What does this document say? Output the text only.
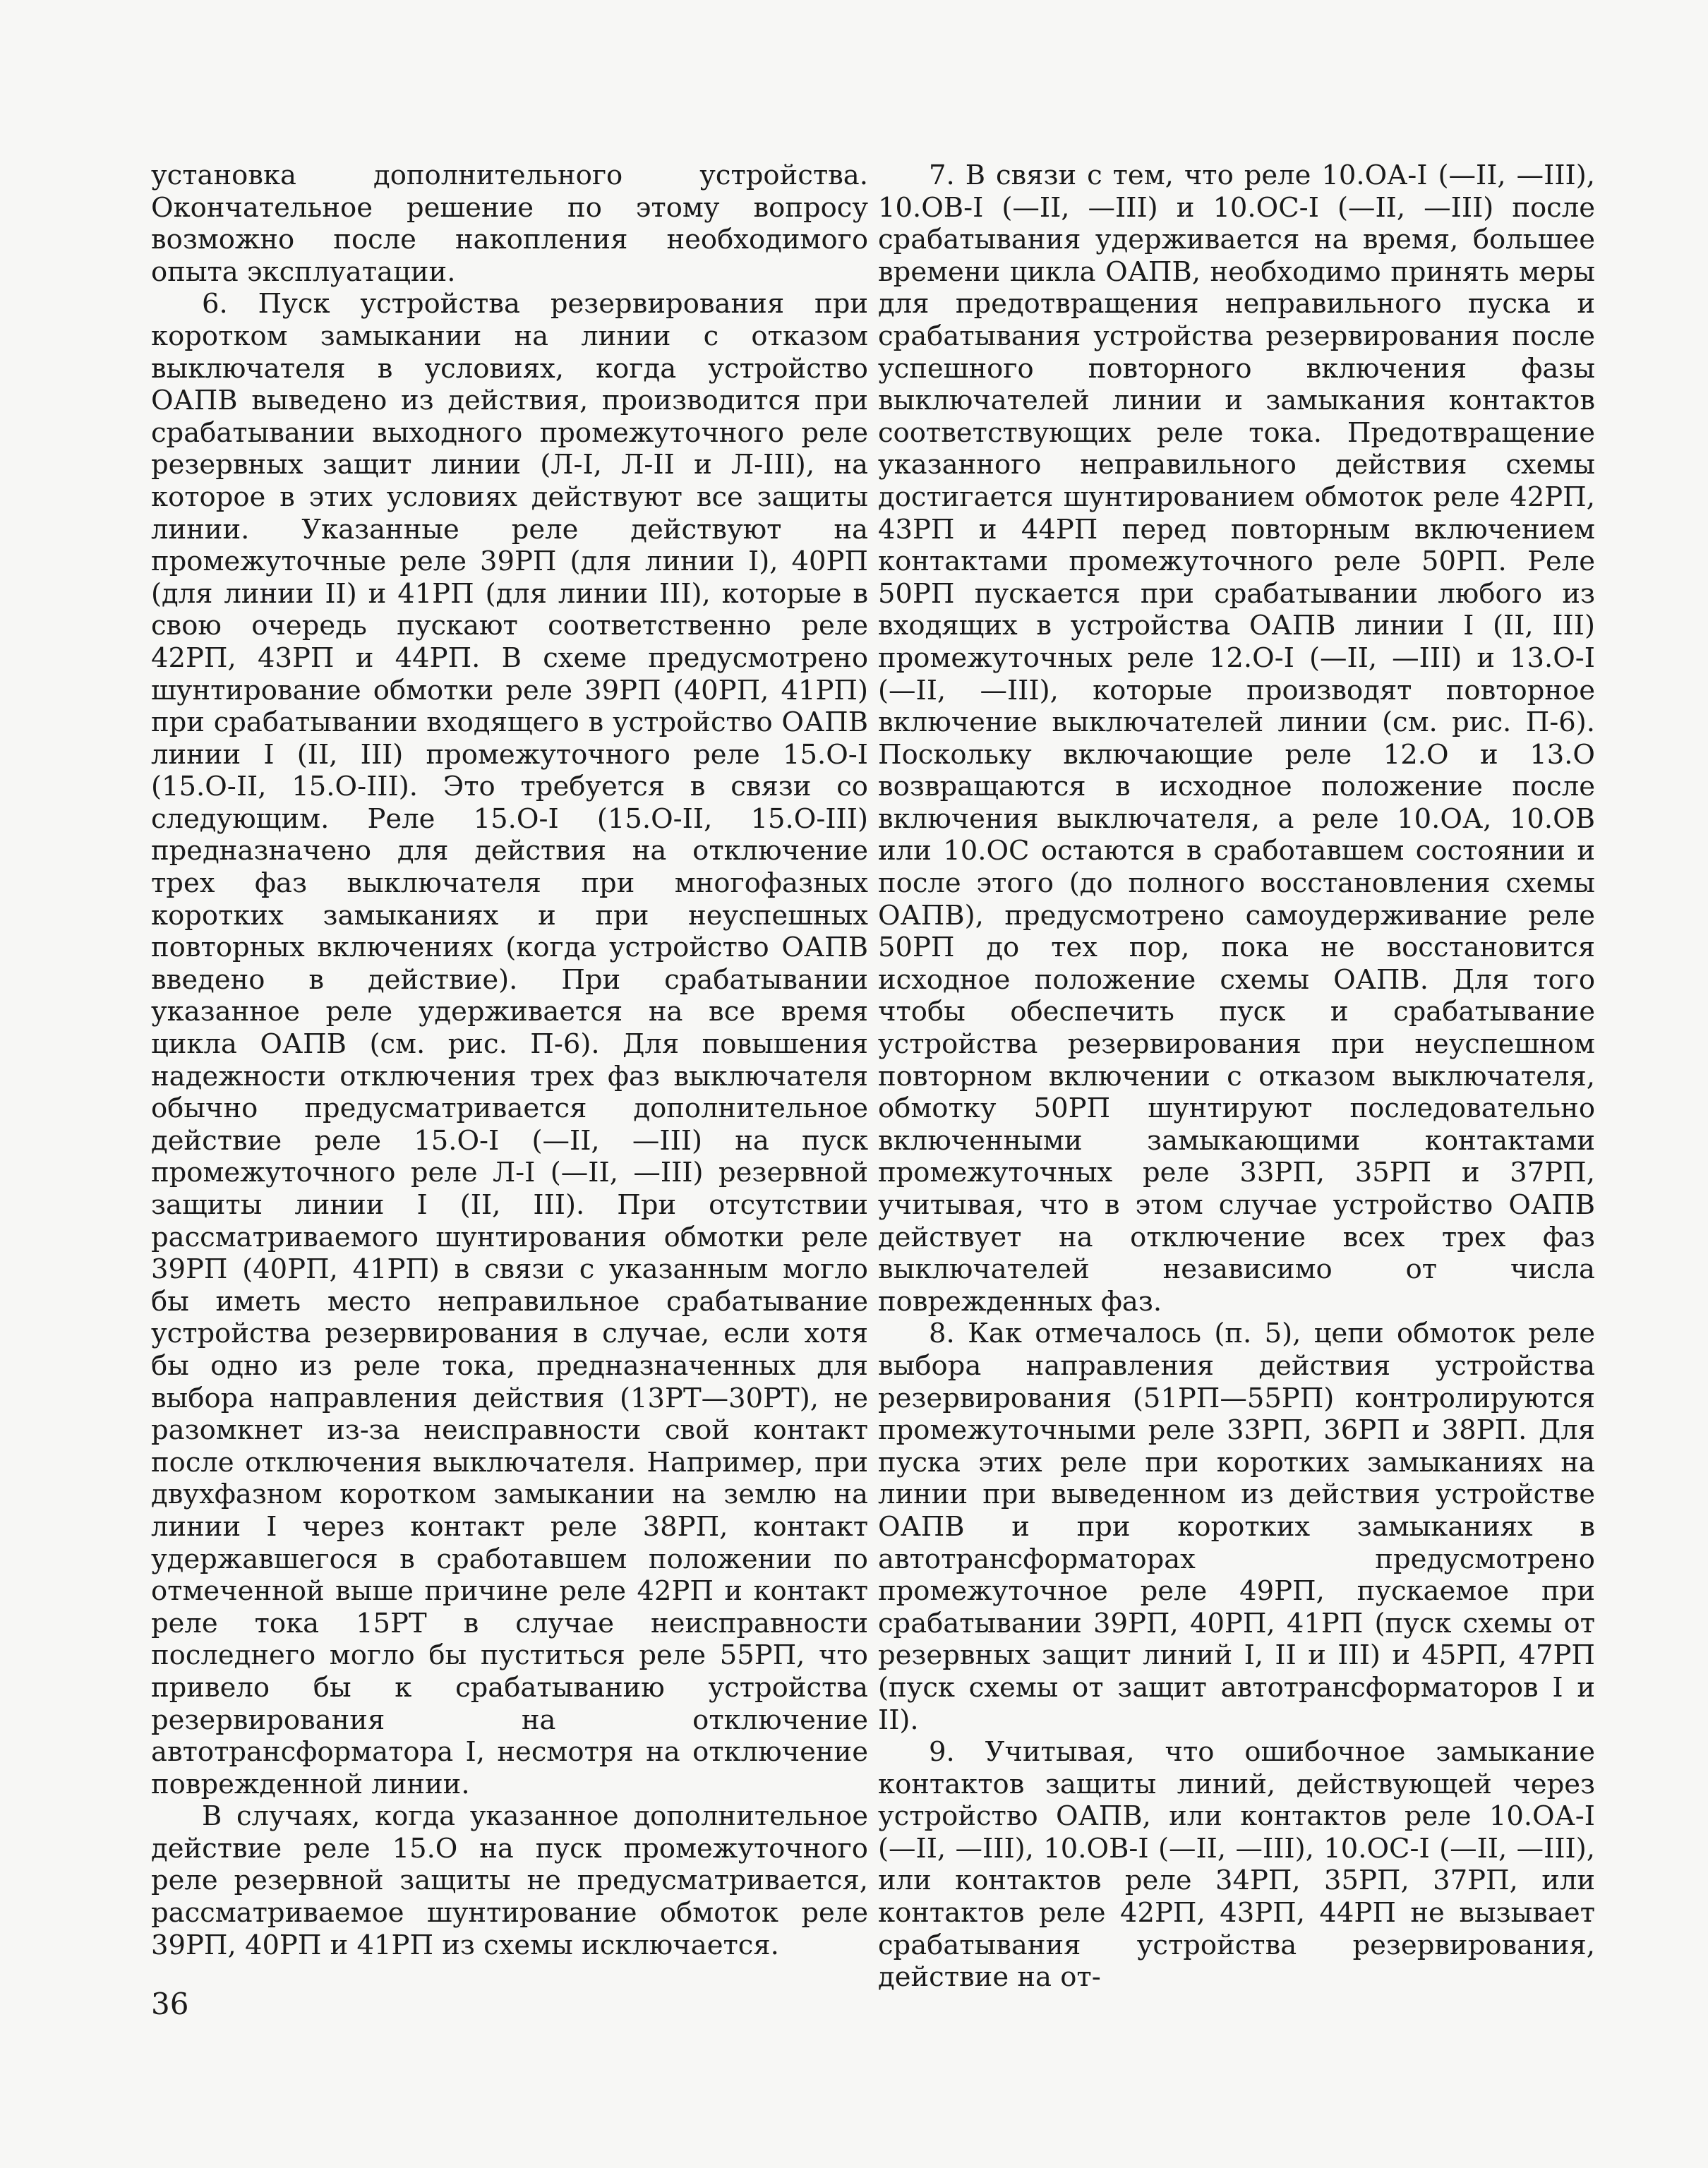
установка дополнительного устройства. Окончательное решение по этому вопросу возможно после накопления необходимого опыта эксплуатации.

6. Пуск устройства резервирования при коротком замыкании на линии с отказом выключателя в условиях, когда устройство ОАПВ выведено из действия, производится при срабатывании выходного промежуточного реле резервных защит линии (Л-I, Л-II и Л-III), на которое в этих условиях действуют все защиты линии. Указанные реле действуют на промежуточные реле 39РП (для линии I), 40РП (для линии II) и 41РП (для линии III), которые в свою очередь пускают соответственно реле 42РП, 43РП и 44РП. В схеме предусмотрено шунтирование обмотки реле 39РП (40РП, 41РП) при срабатывании входящего в устройство ОАПВ линии I (II, III) промежуточного реле 15.О-I (15.О-II, 15.О-III). Это требуется в связи со следующим. Реле 15.О-I (15.О-II, 15.О-III) предназначено для действия на отключение трех фаз выключателя при многофазных коротких замыканиях и при неуспешных повторных включениях (когда устройство ОАПВ введено в действие). При срабатывании указанное реле удерживается на все время цикла ОАПВ (см. рис. П-6). Для повышения надежности отключения трех фаз выключателя обычно предусматривается дополнительное действие реле 15.О-I (—II, —III) на пуск промежуточного реле Л-I (—II, —III) резервной защиты линии I (II, III). При отсутствии рассматриваемого шунтирования обмотки реле 39РП (40РП, 41РП) в связи с указанным могло бы иметь место неправильное срабатывание устройства резервирования в случае, если хотя бы одно из реле тока, предназначенных для выбора направления действия (13РТ—30РТ), не разомкнет из-за неисправности свой контакт после отключения выключателя. Например, при двухфазном коротком замыкании на землю на линии I через контакт реле 38РП, контакт удержавшегося в сработавшем положении по отмеченной выше причине реле 42РП и контакт реле тока 15РТ в случае неисправности последнего могло бы пуститься реле 55РП, что привело бы к срабатыванию устройства резервирования на отключение автотрансформатора I, несмотря на отключение поврежденной линии.

В случаях, когда указанное дополнительное действие реле 15.О на пуск промежуточного реле резервной защиты не предусматривается, рассматриваемое шунтирование обмоток реле 39РП, 40РП и 41РП из схемы исключается.

7. В связи с тем, что реле 10.ОА-I (—II, —III), 10.ОВ-I (—II, —III) и 10.ОС-I (—II, —III) после срабатывания удерживается на время, большее времени цикла ОАПВ, необходимо принять меры для предотвращения неправильного пуска и срабатывания устройства резервирования после успешного повторного включения фазы выключателей линии и замыкания контактов соответствующих реле тока. Предотвращение указанного неправильного действия схемы достигается шунтированием обмоток реле 42РП, 43РП и 44РП перед повторным включением контактами промежуточного реле 50РП. Реле 50РП пускается при срабатывании любого из входящих в устройства ОАПВ линии I (II, III) промежуточных реле 12.О-I (—II, —III) и 13.О-I (—II, —III), которые производят повторное включение выключателей линии (см. рис. П-6). Поскольку включающие реле 12.О и 13.О возвращаются в исходное положение после включения выключателя, а реле 10.ОА, 10.ОВ или 10.ОС остаются в сработавшем состоянии и после этого (до полного восстановления схемы ОАПВ), предусмотрено самоудерживание реле 50РП до тех пор, пока не восстановится исходное положение схемы ОАПВ. Для того чтобы обеспечить пуск и срабатывание устройства резервирования при неуспешном повторном включении с отказом выключателя, обмотку 50РП шунтируют последовательно включенными замыкающими контактами промежуточных реле 33РП, 35РП и 37РП, учитывая, что в этом случае устройство ОАПВ действует на отключение всех трех фаз выключателей независимо от числа поврежденных фаз.

8. Как отмечалось (п. 5), цепи обмоток реле выбора направления действия устройства резервирования (51РП—55РП) контролируются промежуточными реле 33РП, 36РП и 38РП. Для пуска этих реле при коротких замыканиях на линии при выведенном из действия устройстве ОАПВ и при коротких замыканиях в автотрансформаторах предусмотрено промежуточное реле 49РП, пускаемое при срабатывании 39РП, 40РП, 41РП (пуск схемы от резервных защит линий I, II и III) и 45РП, 47РП (пуск схемы от защит автотрансформаторов I и II).

9. Учитывая, что ошибочное замыкание контактов защиты линий, действующей через устройство ОАПВ, или контактов реле 10.ОА-I (—II, —III), 10.ОВ-I (—II, —III), 10.ОС-I (—II, —III), или контактов реле 34РП, 35РП, 37РП, или контактов реле 42РП, 43РП, 44РП не вызывает срабатывания устройства резервирования, действие на от-

36
